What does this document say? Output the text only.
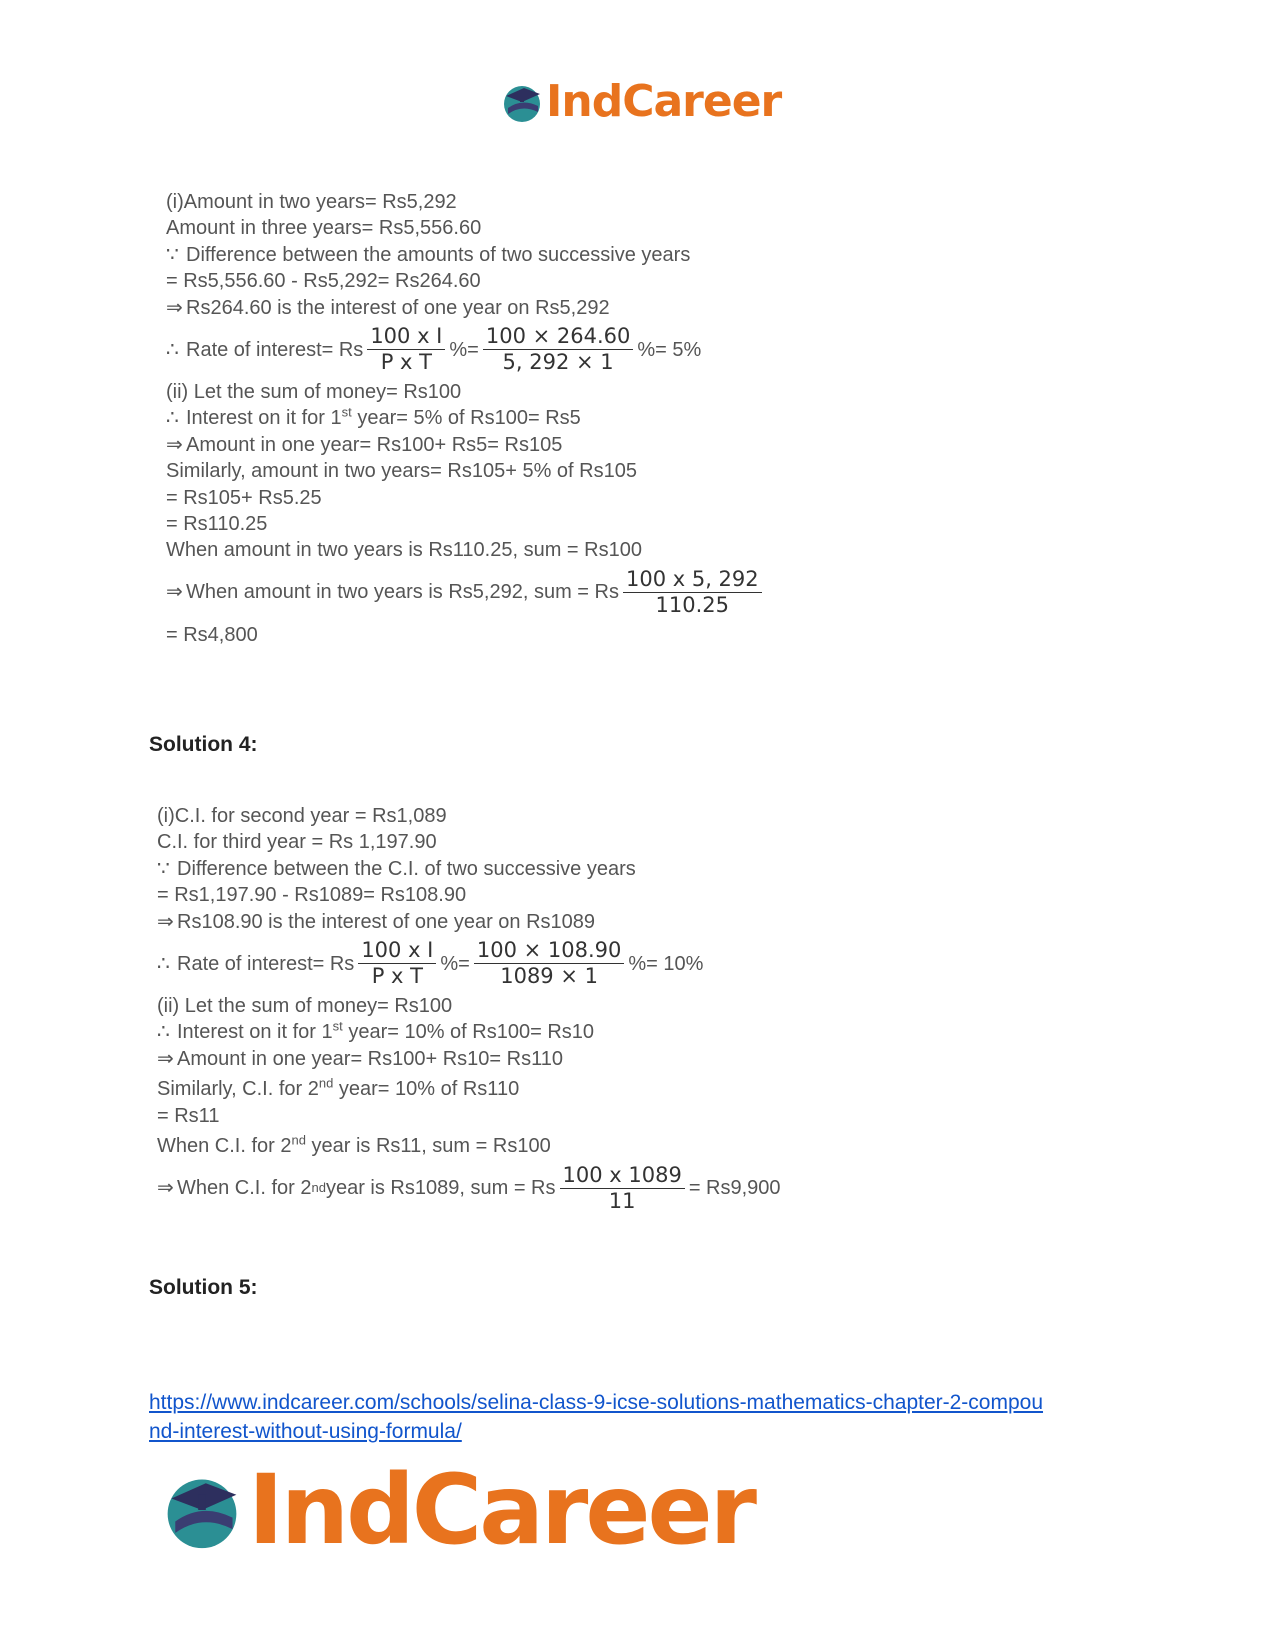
IndCareer
(i)Amount in two years= Rs5,292
Amount in three years= Rs5,556.60
∵ Difference between the amounts of two successive years
= Rs5,556.60 - Rs5,292= Rs264.60
⇒ Rs264.60 is the interest of one year on Rs5,292
∴ Rate of interest= Rs $\frac{\text{100 x I}}{\text{P x T}}$ %= $\frac{100 \times 264.60}{5, 292 \times 1}$ %= 5%
(ii) Let the sum of money= Rs100
∴ Interest on it for 1st year= 5% of Rs100= Rs5
⇒ Amount in one year= Rs100+ Rs5= Rs105
Similarly, amount in two years= Rs105+ 5% of Rs105
= Rs105+ Rs5.25
= Rs110.25
When amount in two years is Rs110.25, sum = Rs100
⇒ When amount in two years is Rs5,292, sum = Rs $\frac{100 x 5, 292}{110.25}$
= Rs4,800
Solution 4:
(i)C.I. for second year = Rs1,089
C.I. for third year = Rs 1,197.90
∵ Difference between the C.I. of two successive years
= Rs1,197.90 - Rs1089= Rs108.90
⇒ Rs108.90 is the interest of one year on Rs1089
∴ Rate of interest= Rs $\frac{\text{100 x I}}{\text{P x T}}$ %= $\frac{100 \times 108.90}{1089 \times 1}$ %= 10%
(ii) Let the sum of money= Rs100
∴ Interest on it for 1st year= 10% of Rs100= Rs10
⇒ Amount in one year= Rs100+ Rs10= Rs110
Similarly, C.I. for 2nd year= 10% of Rs110
= Rs11
When C.I. for 2nd year is Rs11, sum = Rs100
⇒ When C.I. for 2 nd year is Rs1089, sum = Rs $\frac{100 x 1089}{11} = Rs9,900$
Solution 5:
https://www.indcareer.com/schools/selina-class-9-icse-solutions-mathematics-chapter-2-compou
nd-interest-without-using-formula/
IndCareer
